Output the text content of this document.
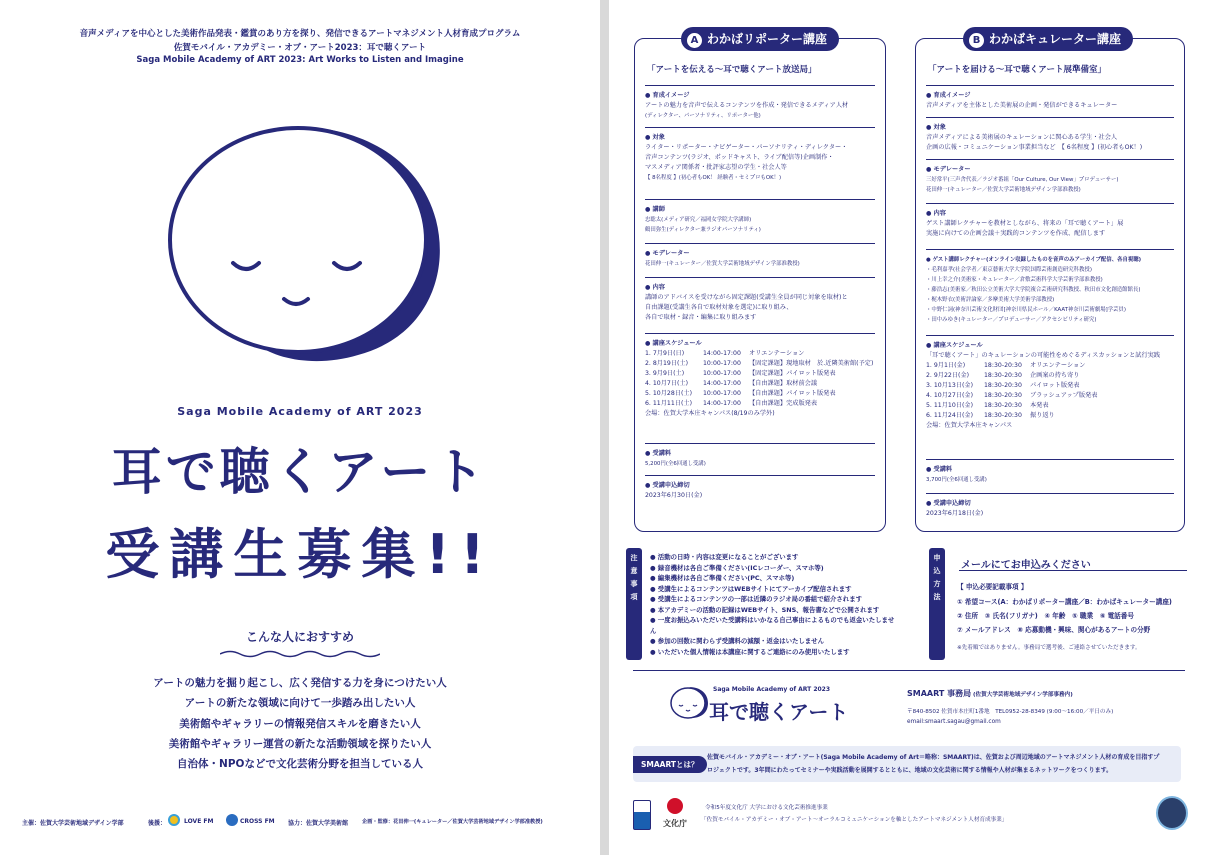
音声メディアを中心とした美術作品発表・鑑賞のあり方を探り、発信できるアートマネジメント人材育成プログラム
佐賀モバイル・アカデミー・オブ・アート2023：耳で聴くアート
Saga Mobile Academy of ART 2023: Art Works to Listen and Imagine
Saga Mobile Academy of ART 2023
耳で聴くアート
受講生募集!!
こんな人におすすめ
アートの魅力を掘り起こし、広く発信する力を身につけたい人
アートの新たな領域に向けて一歩踏み出したい人
美術館やギャラリーの情報発信スキルを磨きたい人
美術館やギャラリー運営の新たな活動領域を探りたい人
自治体・NPOなどで文化芸術分野を担当している人
主催：佐賀大学芸術地域デザイン学部	後援：	LOVE FM	CROSS FM 協力：佐賀大学美術館	企画・監修：花田伸一(キュレーター／佐賀大学芸術地域デザイン学部准教授)
「アートを伝える〜耳で聴くアート放送局」
● 育成イメージ
アートの魅力を音声で伝えるコンテンツを作成・発信できるメディア人材
(ディレクター、パーソナリティ、リポーター他)
● 対象
ライター・リポーター・ナビゲーター・パーソナリティ・ディレクター・
音声コンテンツ(ラジオ、ポッドキャスト、ライブ配信等)企画制作・
マスメディア関係者・批評家志望の学生・社会人等
【 8名程度 】(初心者もOK！ 経験者・セミプロもOK！)
● 講師
忠聡太(メディア研究／福岡女学院大学講師)
鶴田弥生(ディレクター兼ラジオパーソナリティ)
● モデレーター
花田伸一(キュレーター／佐賀大学芸術地域デザイン学部准教授)
● 内容
講師のアドバイスを受けながら固定課題(受講生全員が同じ対象を取材)と
自由課題(受講生各自で取材対象を選定)に取り組み、
各自で取材・録音・編集に取り組みます
● 講座スケジュール
1. 7月9日(日)	14:00-17:00	オリエンテーション
2. 8月19日(土)	10:00-17:00	【固定課題】現地取材　於.近隣美術館(予定)
3. 9月9日(土)	10:00-17:00	【固定課題】パイロット版発表
4. 10月7日(土)	14:00-17:00	【自由課題】取材前会議
5. 10月28日(土)	10:00-17:00	【自由課題】パイロット版発表
6. 11月11日(土)	14:00-17:00	【自由課題】完成版発表
会場：佐賀大学本庄キャンパス(8/19のみ学外)
● 受講料
5,200円(全6回通し受講)
● 受講申込締切
2023年6月30日(金)
A わかばリポーター講座
「アートを届ける〜耳で聴くアート展準備室」
● 育成イメージ
音声メディアを主体とした美術展の企画・発信ができるキュレーター
● 対象
音声メディアによる美術展のキュレーションに関心ある学生・社会人
企画の広報・コミュニケーション事業担当など　【 6名程度 】(初心者もOK！)
● モデレーター
三好常平(三声舎代表／ラジオ番組「Our Culture, Our View」プロデューサー)
花田伸一(キュレーター／佐賀大学芸術地域デザイン学部准教授)
● 内容
ゲスト講師レクチャーを教材としながら、将来の「耳で聴くアート」展
実施に向けての企画会議＋実践的コンテンツを作成、配信します
● ゲスト講師レクチャー(オンライン収録したものを音声のみアーカイブ配信、各自視聴)
・毛利嘉孝(社会学者／東京藝術大学大学院国際芸術創造研究科教授)
・川上幸之介(美術家・キュレーター／倉敷芸術科学大学芸術学部准教授)
・藤浩志(美術家／秋田公立美術大学大学院複合芸術研究科教授、秋田市文化創造館館長)
・梶木野衣(美術評論家／多摩美術大学美術学部教授)
・中野仁詞(神奈川芸術文化財団[神奈川県民ホール／KAAT神奈川芸術劇場]学芸員)
・田中みゆき(キュレーター／プロデューサー／アクセシビリティ研究)
● 講座スケジュール
「耳で聴くアート」のキュレーションの可能性をめぐるディスカッションと試行実践
1. 9月1日(金)	18:30-20:30	オリエンテーション
2. 9月22日(金)	18:30-20:30	企画案の持ち寄り
3. 10月13日(金)	18:30-20:30	パイロット版発表
4. 10月27日(金)	18:30-20:30	ブラッシュアップ版発表
5. 11月10日(金)	18:30-20:30	本発表
6. 11月24日(金)	18:30-20:30	振り返り
会場：佐賀大学本庄キャンパス
● 受講料
3,700円(全6回通し受講)
● 受講申込締切
2023年6月18日(金)
B わかばキュレーター講座
注意事項	● 活動の日時・内容は変更になることがございます
● 録音機材は各自ご準備ください(ICレコーダー、スマホ等)
● 編集機材は各自ご準備ください(PC、スマホ等)
● 受講生によるコンテンツはWEBサイトにてアーカイブ配信されます
● 受講生によるコンテンツの一部は近隣のラジオ局の番組で紹介されます
● 本アカデミーの活動の記録はWEBサイト、SNS、報告書などで公開されます
● 一度お振込みいただいた受講料はいかなる自己事由によるものでも返金いたしません
● 参加の回数に関わらず受講料の減額・返金はいたしません
● いただいた個人情報は本講座に関するご連絡にのみ使用いたします
申込方法	メールにてお申込みください
【 申込必要記載事項 】
① 希望コース(A：わかばリポーター講座／B：わかばキュレーター講座)
② 住所　③ 氏名(フリガナ)　④ 年齢　⑤ 職業　⑥ 電話番号
⑦ メールアドレス　⑧ 応募動機・興味、関心があるアートの分野
※先着順ではありません。事務局で選考後、ご連絡させていただきます。
Saga Mobile Academy of ART 2023
耳で聴くアート
SMAART 事務局 (佐賀大学芸術地域デザイン学部事務内)
〒840-8502 佐賀市本庄町1番地　TEL0952-28-8349 (9:00〜16:00／平日のみ)
email:smaart.sagau@gmail.com
SMAARTとは？
佐賀モバイル・アカデミー・オブ・アート(Saga Mobile Academy of Art＝略称：SMAART)は、佐賀および周辺地域のアートマネジメント人材の育成を目指すプ
ロジェクトです。3年間にわたってセミナーや実践活動を展開するとともに、地域の文化芸術に関する情報や人材が集まるネットワークをつくります。
文化庁
令和5年度文化庁 大学における文化芸術推進事業
「佐賀モバイル・アカデミー・オブ・アート〜オーラルコミュニケーションを軸としたアートマネジメント人材育成事業」
